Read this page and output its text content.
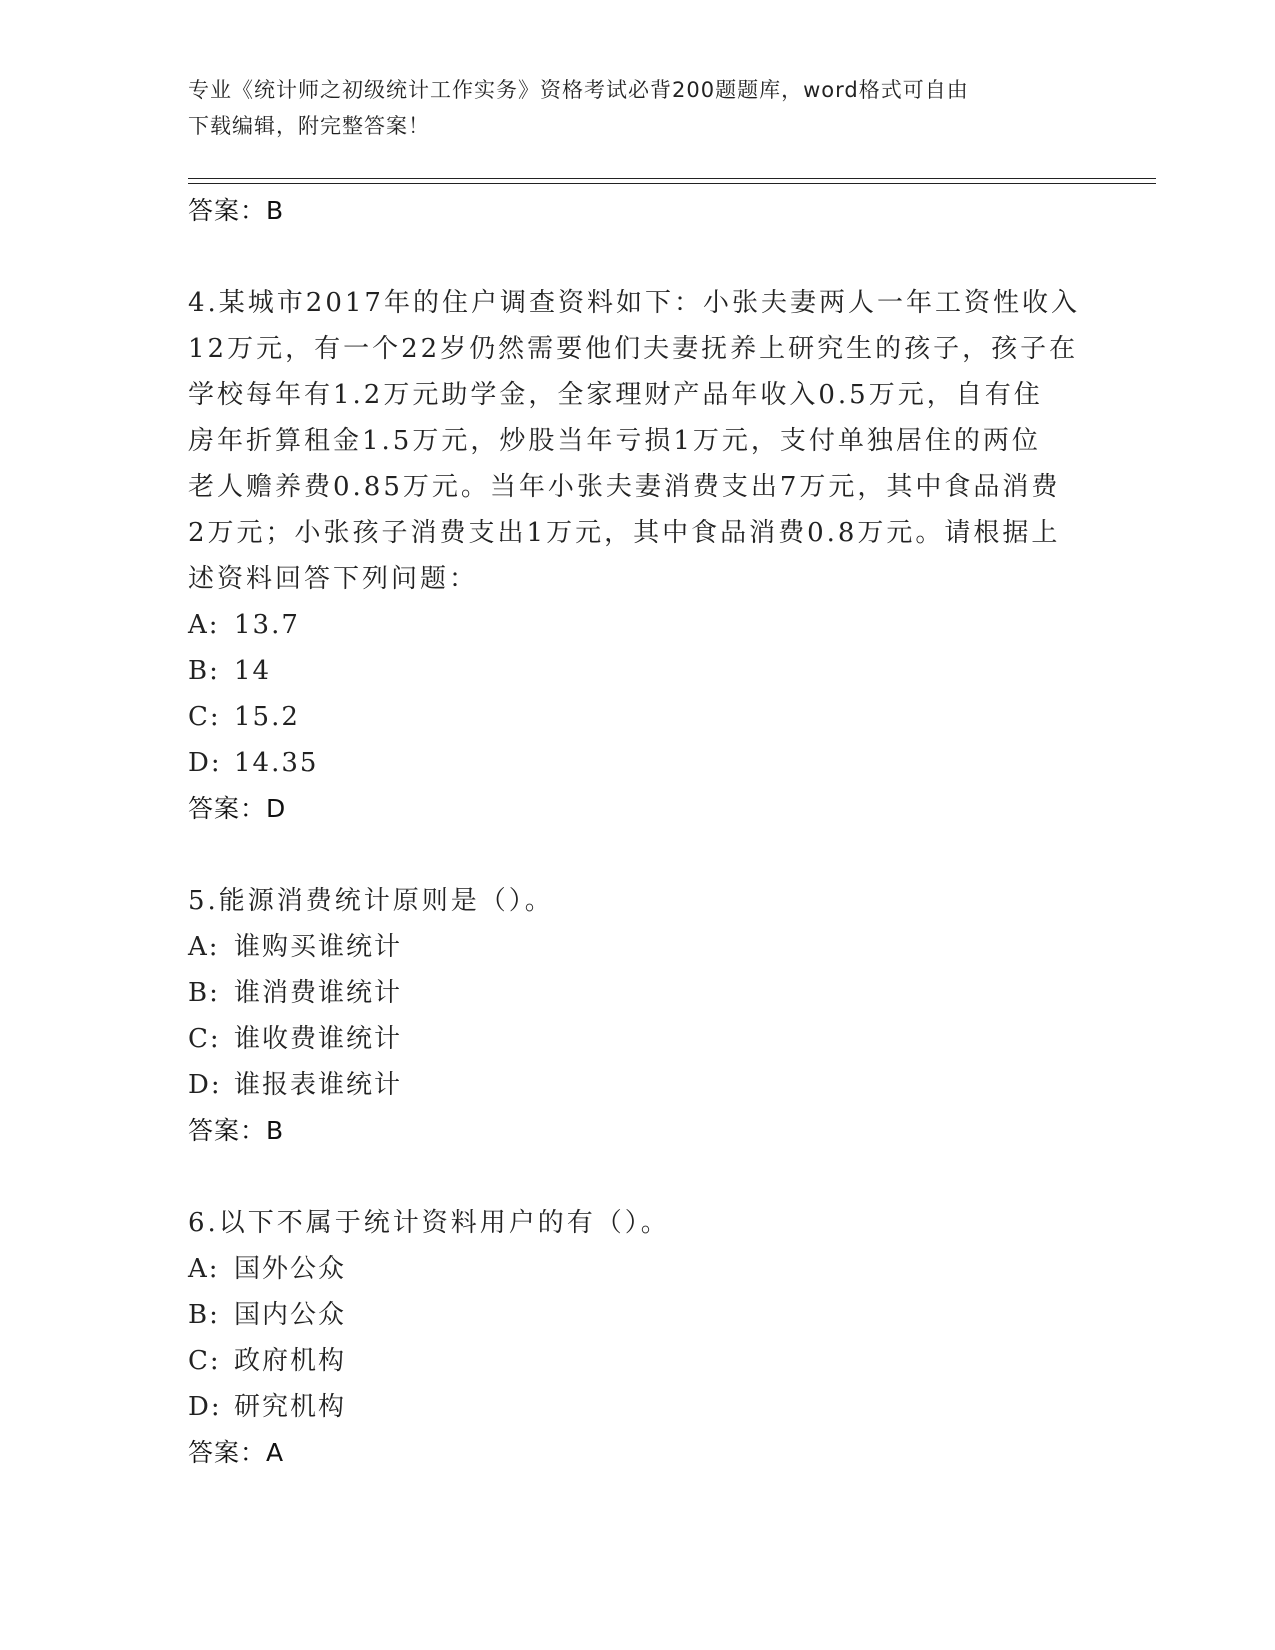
专业《统计师之初级统计工作实务》资格考试必背200题题库，word格式可自由
下载编辑，附完整答案！
答案：B
4.某城市2017年的住户调查资料如下：小张夫妻两人一年工资性收入
12万元，有一个22岁仍然需要他们夫妻抚养上研究生的孩子，孩子在
学校每年有1.2万元助学金，全家理财产品年收入0.5万元，自有住
房年折算租金1.5万元，炒股当年亏损1万元，支付单独居住的两位
老人赡养费0.85万元。当年小张夫妻消费支出7万元，其中食品消费
2万元；小张孩子消费支出1万元，其中食品消费0.8万元。请根据上
述资料回答下列问题：
A: 13.7
B: 14
C: 15.2
D: 14.35
答案：D
5.能源消费统计原则是（）。
A: 谁购买谁统计
B: 谁消费谁统计
C: 谁收费谁统计
D: 谁报表谁统计
答案：B
6.以下不属于统计资料用户的有（）。
A: 国外公众
B: 国内公众
C: 政府机构
D: 研究机构
答案：A
